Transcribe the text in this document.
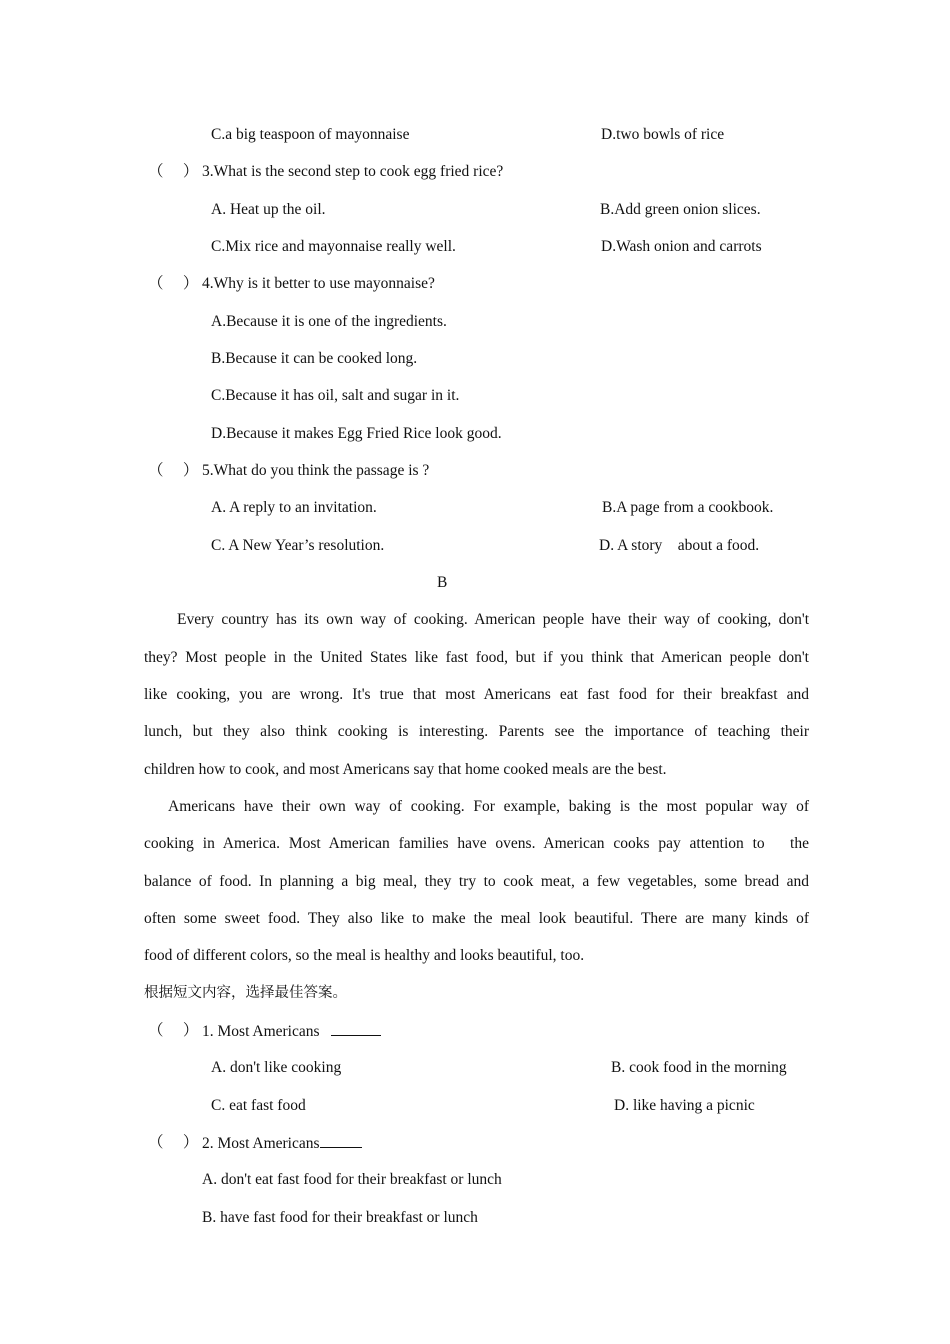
C.a big teaspoon of mayonnaise	D.two bowls of rice
（　 ） 3.What is the second step to cook egg fried rice?
A. Heat up the oil.	B.Add green onion slices.
C.Mix rice and mayonnaise really well.	D.Wash onion and carrots
（　 ） 4.Why is it better to use mayonnaise?
A.Because it is one of the ingredients.
B.Because it can be cooked long.
C.Because it has oil, salt and sugar in it.
D.Because it makes Egg Fried Rice look good.
（　 ） 5.What do you think the passage is ?
A. A reply to an invitation.	B.A page from a cookbook.
C. A New Year’s resolution.	D. A story　about a food.
B
Every country has its own way of cooking. American people have their way of cooking, don't
they? Most people in the United States like fast food, but if you think that American people don't
like cooking, you are wrong. It's true that most Americans eat fast food for their breakfast and
lunch, but they also think cooking is interesting. Parents see the importance of teaching their
children how to cook, and most Americans say that home cooked meals are the best.
Americans have their own way of cooking. For example, baking is the most popular way of
cooking in America. Most American families have ovens. American cooks pay attention to　the
balance of food. In planning a big meal, they try to cook meat, a few vegetables, some bread and
often some sweet food. They also like to make the meal look beautiful. There are many kinds of
food of different colors, so the meal is healthy and looks beautiful, too.
根据短文内容，选择最佳答案。
（　 ） 1. Most Americans
A. don't like cooking	B. cook food in the morning
C. eat fast food	D. like having a picnic
（　 ） 2. Most Americans
A. don't eat fast food for their breakfast or lunch
B. have fast food for their breakfast or lunch
